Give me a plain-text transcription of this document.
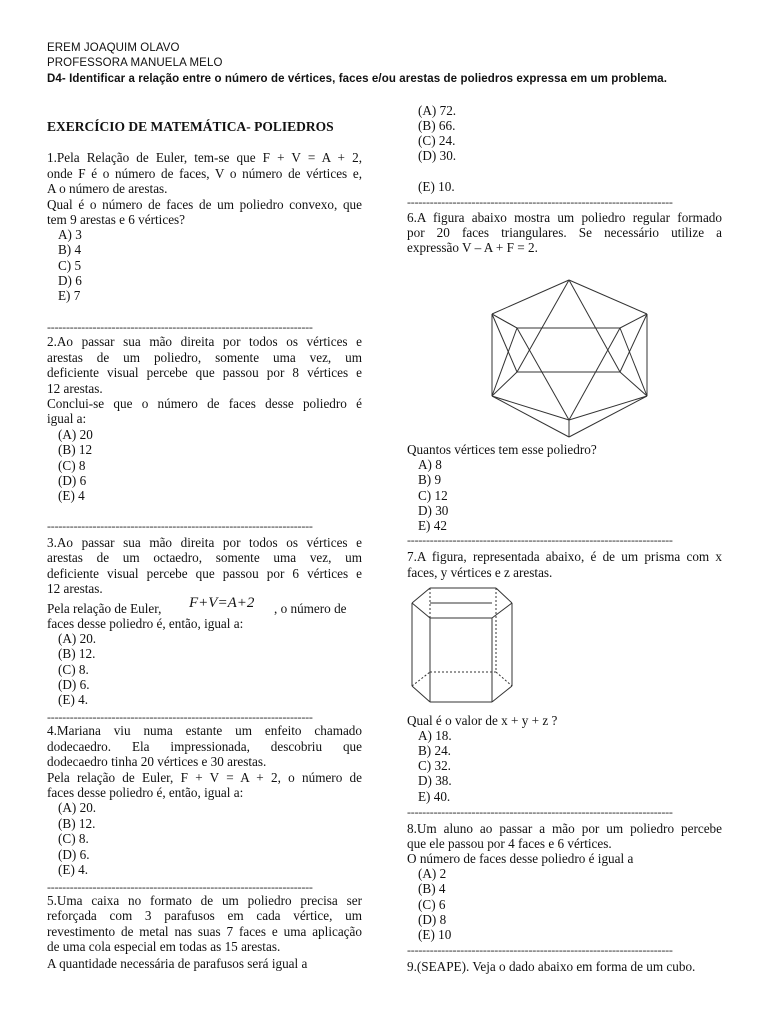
EREM JOAQUIM OLAVO
PROFESSORA MANUELA MELO
D4- Identificar a relação entre o número de vértices, faces e/ou arestas de poliedros expressa em um problema.
EXERCÍCIO DE MATEMÁTICA- POLIEDROS
1.Pela Relação de Euler, tem-se que F + V = A + 2,
onde F é o número de faces, V o número de vértices e,
A o número de arestas.
Qual é o número de faces de um poliedro convexo, que
tem 9 arestas e 6 vértices?
A) 3
B) 4
C) 5
D) 6
E) 7
----------------------------------------------------------------------
2.Ao passar sua mão direita por todos os vértices e
arestas de um poliedro, somente uma vez, um
deficiente visual percebe que passou por 8 vértices e
12 arestas.
Conclui-se que o número de faces desse poliedro é
igual a:
(A) 20
(B) 12
(C) 8
(D) 6
(E) 4
----------------------------------------------------------------------
3.Ao passar sua mão direita por todos os vértices e
arestas de um octaedro, somente uma vez, um
deficiente visual percebe que passou por 6 vértices e
12 arestas.
Pela relação de Euler, F+V=A+2 , o número de
faces desse poliedro é, então, igual a:
(A) 20.
(B) 12.
(C) 8.
(D) 6.
(E) 4.
----------------------------------------------------------------------
4.Mariana viu numa estante um enfeito chamado
dodecaedro. Ela impressionada, descobriu que
dodecaedro tinha 20 vértices e 30 arestas.
Pela relação de Euler, F + V = A + 2, o número de
faces desse poliedro é, então, igual a:
(A) 20.
(B) 12.
(C) 8.
(D) 6.
(E) 4.
----------------------------------------------------------------------
5.Uma caixa no formato de um poliedro precisa ser
reforçada com 3 parafusos em cada vértice, um
revestimento de metal nas suas 7 faces e uma aplicação
de uma cola especial em todas as 15 arestas.
A quantidade necessária de parafusos será igual a
(A) 72.
(B) 66.
(C) 24.
(D) 30.
(E) 10.
----------------------------------------------------------------------
6.A figura abaixo mostra um poliedro regular formado
por 20 faces triangulares. Se necessário utilize a
expressão V – A + F = 2.
Quantos vértices tem esse poliedro?
A) 8
B) 9
C) 12
D) 30
E) 42
----------------------------------------------------------------------
7.A figura, representada abaixo, é de um prisma com x
faces, y vértices e z arestas.
Qual é o valor de x + y + z ?
A) 18.
B) 24.
C) 32.
D) 38.
E) 40.
----------------------------------------------------------------------
8.Um aluno ao passar a mão por um poliedro percebe
que ele passou por 4 faces e 6 vértices.
O número de faces desse poliedro é igual a
(A) 2
(B) 4
(C) 6
(D) 8
(E) 10
----------------------------------------------------------------------
9.(SEAPE). Veja o dado abaixo em forma de um cubo.
